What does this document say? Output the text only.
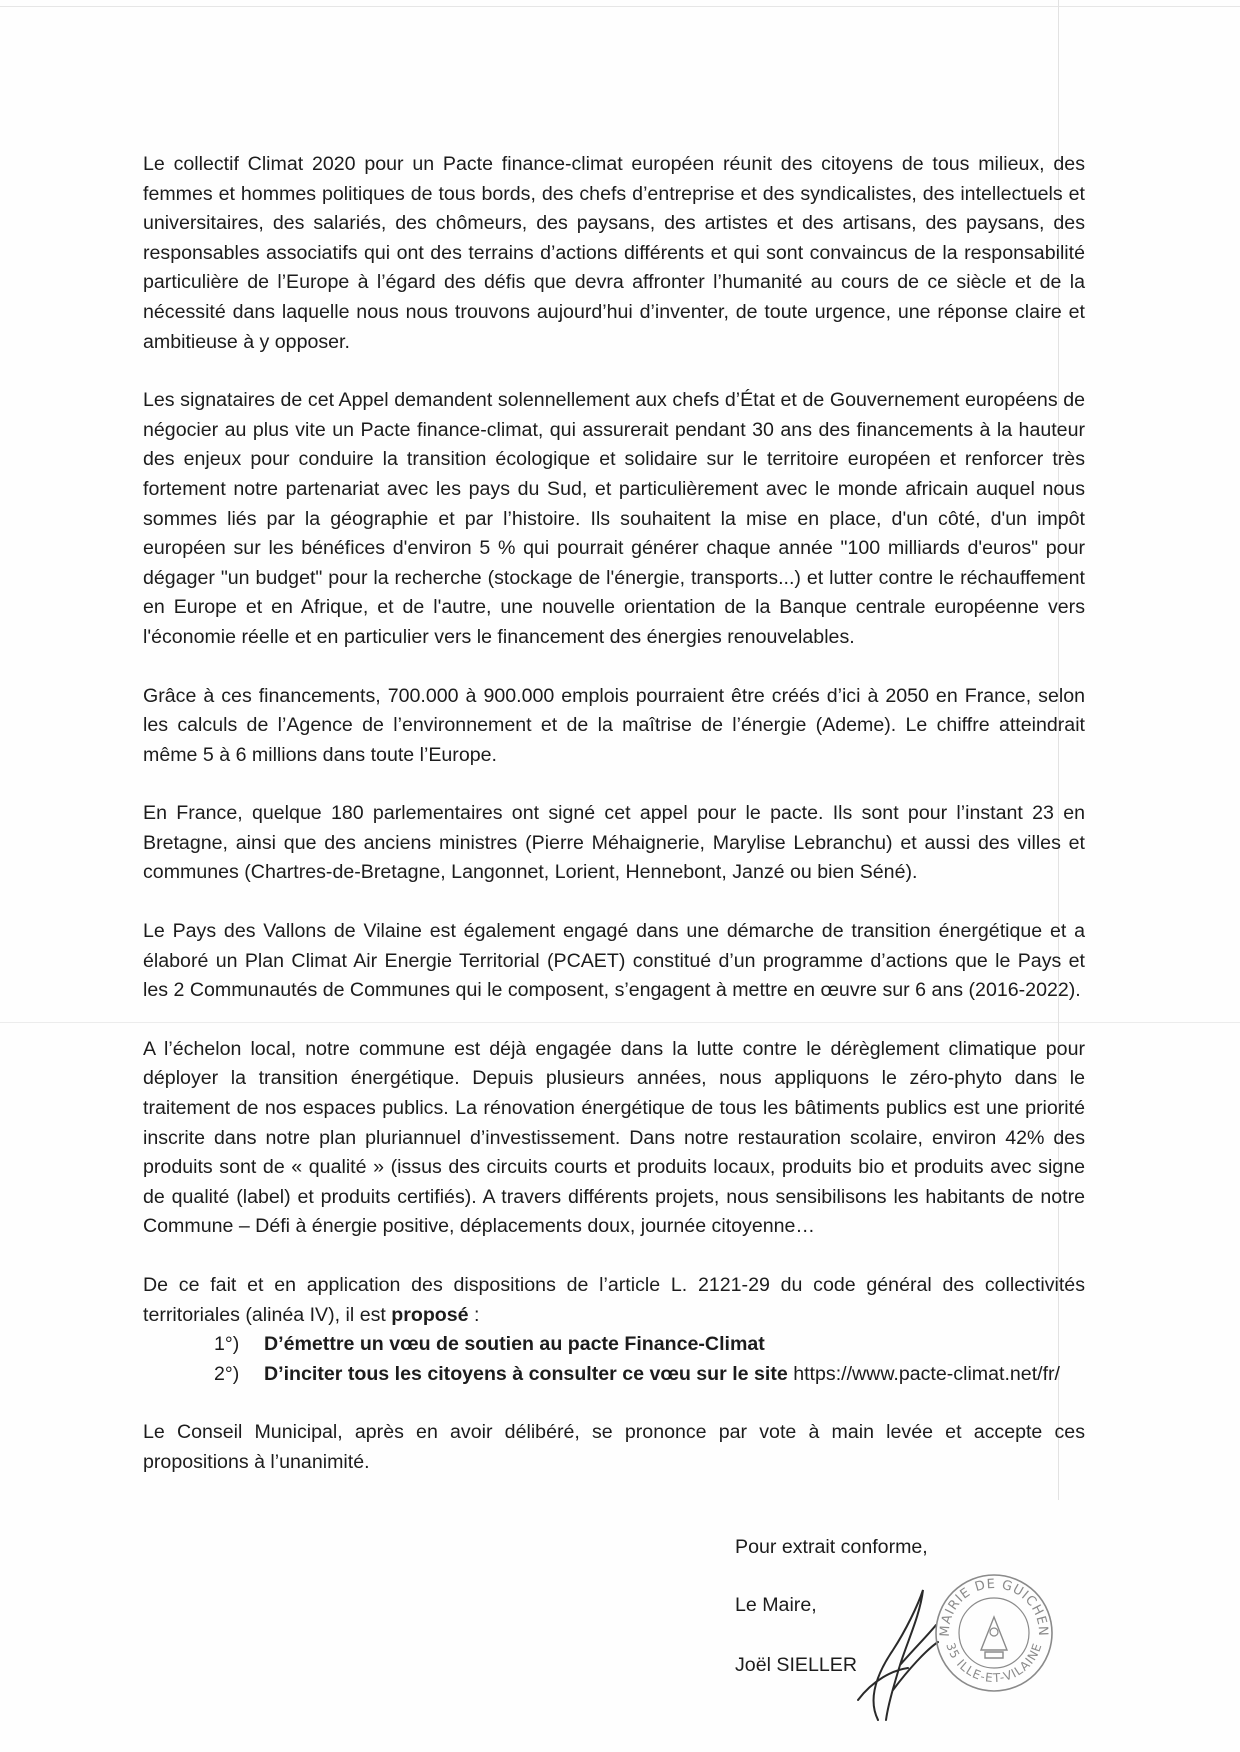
Le collectif Climat 2020 pour un Pacte finance-climat européen réunit des citoyens de tous milieux, des femmes et hommes politiques de tous bords, des chefs d’entreprise et des syndicalistes, des intellectuels et universitaires, des salariés, des chômeurs, des paysans, des artistes et des artisans, des paysans, des responsables associatifs qui ont des terrains d’actions différents et qui sont convaincus de la responsabilité particulière de l’Europe à l’égard des défis que devra affronter l’humanité au cours de ce siècle et de la nécessité dans laquelle nous nous trouvons aujourd’hui d’inventer, de toute urgence, une réponse claire et ambitieuse à y opposer.

Les signataires de cet Appel demandent solennellement aux chefs d’État et de Gouvernement européens de négocier au plus vite un Pacte finance-climat, qui assurerait pendant 30 ans des financements à la hauteur des enjeux pour conduire la transition écologique et solidaire sur le territoire européen et renforcer très fortement notre partenariat avec les pays du Sud, et particulièrement avec le monde africain auquel nous sommes liés par la géographie et par l’histoire. Ils souhaitent la mise en place, d'un côté, d'un impôt européen sur les bénéfices d'environ 5 % qui pourrait générer chaque année "100 milliards d'euros" pour dégager "un budget" pour la recherche (stockage de l'énergie, transports...) et lutter contre le réchauffement en Europe et en Afrique, et de l'autre, une nouvelle orientation de la Banque centrale européenne vers l'économie réelle et en particulier vers le financement des énergies renouvelables.

Grâce à ces financements, 700.000 à 900.000 emplois pourraient être créés d’ici à 2050 en France, selon les calculs de l’Agence de l’environnement et de la maîtrise de l’énergie (Ademe). Le chiffre atteindrait même 5 à 6 millions dans toute l’Europe.

En France, quelque 180 parlementaires ont signé cet appel pour le pacte. Ils sont pour l’instant 23 en Bretagne, ainsi que des anciens ministres (Pierre Méhaignerie, Marylise Lebranchu) et aussi des villes et communes (Chartres-de-Bretagne, Langonnet, Lorient, Hennebont, Janzé ou bien Séné).

Le Pays des Vallons de Vilaine est également engagé dans une démarche de transition énergétique et a élaboré un Plan Climat Air Energie Territorial (PCAET) constitué d’un programme d’actions que le Pays et les 2 Communautés de Communes qui le composent, s’engagent à mettre en œuvre sur 6 ans (2016-2022).

A l’échelon local, notre commune est déjà engagée dans la lutte contre le dérèglement climatique pour déployer la transition énergétique. Depuis plusieurs années, nous appliquons le zéro-phyto dans le traitement de nos espaces publics. La rénovation énergétique de tous les bâtiments publics est une priorité inscrite dans notre plan pluriannuel d’investissement. Dans notre restauration scolaire, environ 42% des produits sont de « qualité » (issus des circuits courts et produits locaux, produits bio et produits avec signe de qualité (label) et produits certifiés). A travers différents projets, nous sensibilisons les habitants de notre Commune – Défi à énergie positive, déplacements doux, journée citoyenne…

De ce fait et en application des dispositions de l’article L. 2121-29 du code général des collectivités territoriales (alinéa IV), il est proposé :

1°)	D’émettre un vœu de soutien au pacte Finance-Climat
2°)	D’inciter tous les citoyens à consulter ce vœu sur le site https://www.pacte-climat.net/fr/

Le Conseil Municipal, après en avoir délibéré, se prononce par vote à main levée et accepte ces propositions à l’unanimité.

Pour extrait conforme,
Le Maire,
Joël SIELLER
MAIRIE DE GUICHEN
35 ILLE-ET-VILAINE
